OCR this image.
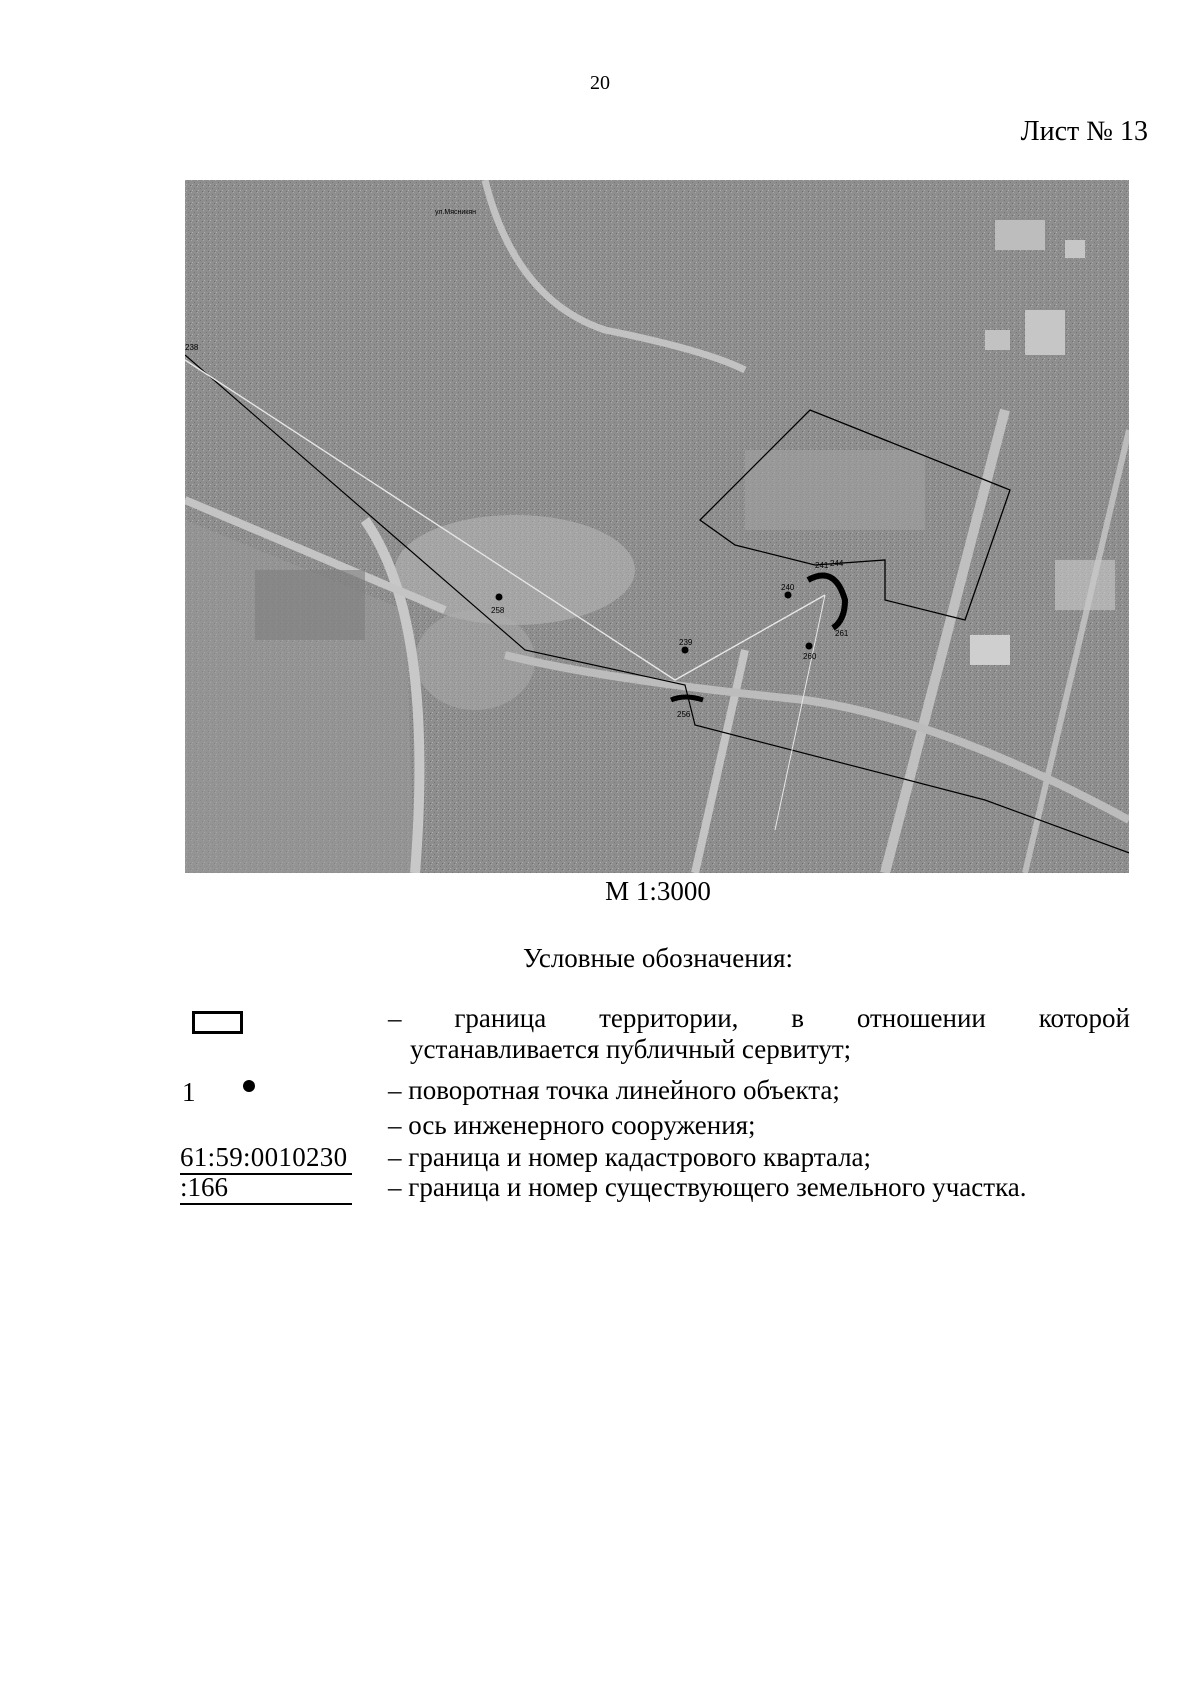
20
Лист № 13
258
239
240
260
241 244
261
256
238
ул.Мясникян
М 1:3000
Условные обозначения:
– граница территории, в отношении которой
устанавливается публичный сервитут;
1	– поворотная точка линейного объекта;
– ось инженерного сооружения;
61:59:0010230 – граница и номер кадастрового квартала;
:166	– граница и номер существующего земельного участка.
